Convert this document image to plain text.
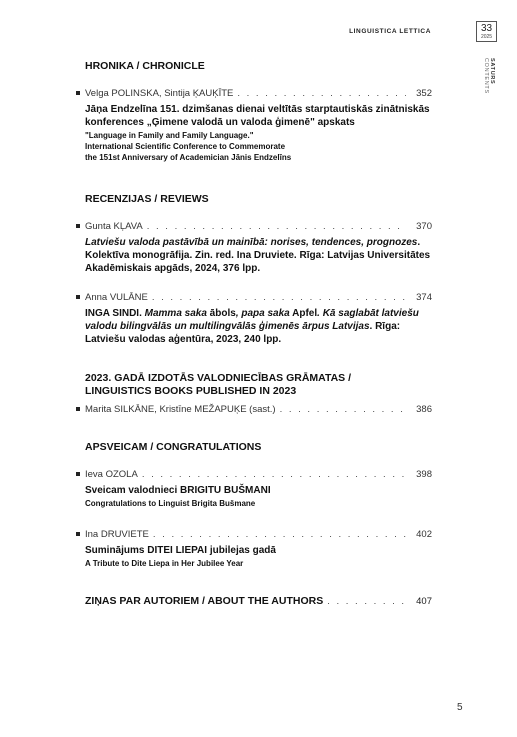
LINGUISTICA LETTICA	33
2025
SATURS
CONTENTS
HRONIKA / CHRONICLE
Velga POLINSKA, Sintija ĶAUĶĪTE . . .	352
Jāņa Endzelīna 151. dzimšanas dienai veltītās starptautiskās zinātniskās konferences „Ģimene valodā un valoda ģimenē" apskats
"Language in Family and Family Language."
International Scientific Conference to Commemorate
the 151st Anniversary of Academician Jānis Endzelīns
RECENZIJAS / REVIEWS
Gunta KĻAVA . . .	370
Latviešu valoda pastāvībā un mainībā: norises, tendences, prognozes. Kolektīva monogrāfija. Zin. red. Ina Druviete. Rīga: Latvijas Universitātes Akadēmiskais apgāds, 2024, 376 lpp.
Anna VULĀNE . . .	374
INGA SINDI. Mamma saka ābols, papa saka Apfel. Kā saglabāt latviešu valodu bilingvālās un multilingvālās ģimenēs ārpus Latvijas. Rīga: Latviešu valodas aģentūra, 2023, 240 lpp.
2023. GADĀ IZDOTĀS VALODNIECĪBAS GRĀMATAS /
LINGUISTICS BOOKS PUBLISHED IN 2023
Marita SILKĀNE, Kristīne MEŽAPUĶE (sast.) . . .	386
APSVEICAM / CONGRATULATIONS
Ieva OZOLA . . .	398
Sveicam valodnieci BRIGITU BUŠMANI
Congratulations to Linguist Brigita Bušmane
Ina DRUVIETE . . .	402
Suminājums DITEI LIEPAI jubilejas gadā
A Tribute to Dite Liepa in Her Jubilee Year
ZIŅAS PAR AUTORIEM / ABOUT THE AUTHORS . . .	407
5
